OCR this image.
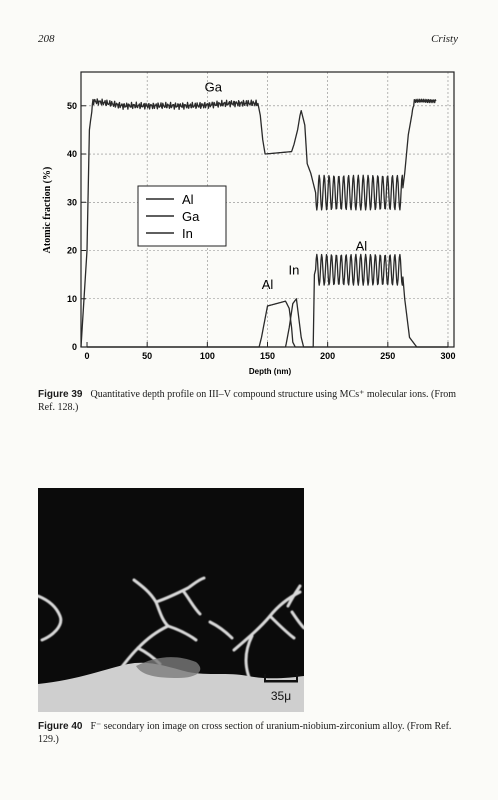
208	Cristy
0	50	100	150	200	250	300
0
10
20
30
40
50
Ga
Al
In
Al
Al
Ga
In
Depth (nm)
Atomic fraction (%)
Figure 39 Quantitative depth profile on III–V compound structure using MCs⁺ molecular ions. (From Ref. 128.)
35μ
Figure 40 F⁻ secondary ion image on cross section of uranium-niobium-zirconium alloy. (From Ref. 129.)
